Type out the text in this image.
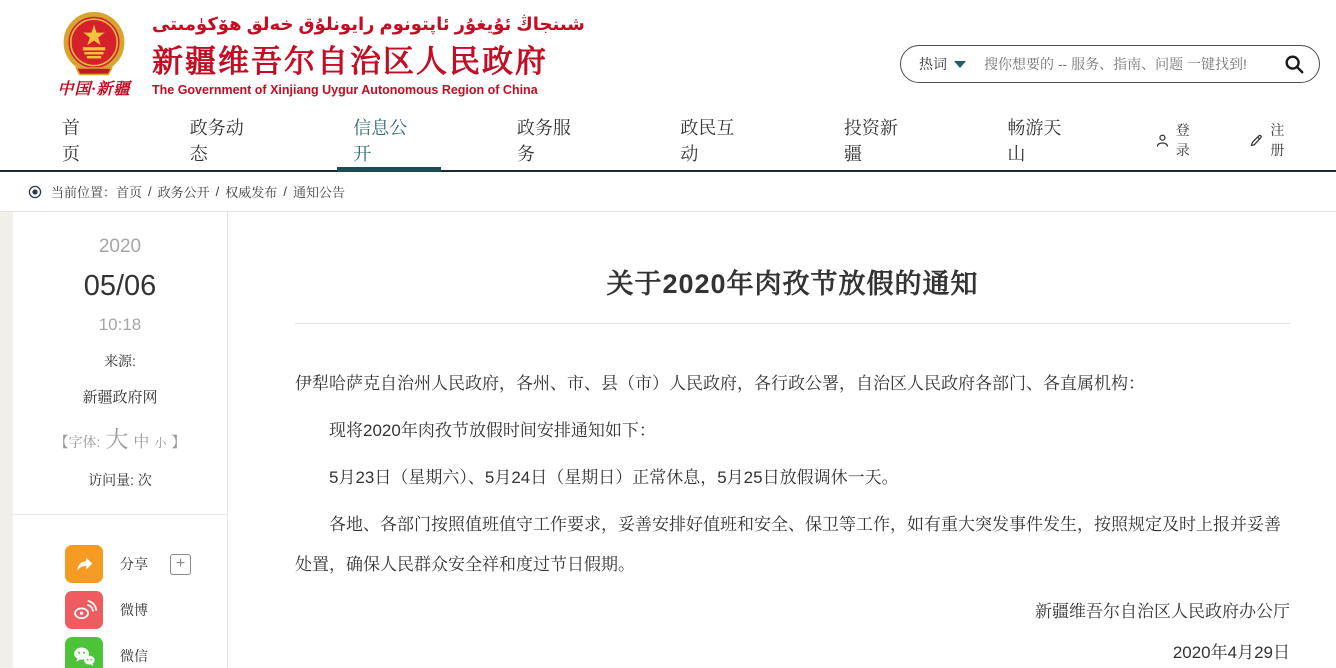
中国·新疆
شىنجاڭ ئۇيغۇر ئاپتونوم رايونلۇق خەلق ھۆكۈمىتى
新疆维吾尔自治区人民政府
The Government of Xinjiang Uygur Autonomous Region of China
热词
搜你想要的 -- 服务、指南、问题 一键找到!
首页
政务动态
信息公开
政务服务
政民互动
投资新疆
畅游天山
登录
注册
当前位置： 首页 / 政务公开 / 权威发布 / 通知公告
2020
05/06
10:18
来源:
新疆政府网
【字体: 大 中 小 】
访问量: 次
分享 +
微博
微信
关于2020年肉孜节放假的通知

伊犁哈萨克自治州人民政府，各州、市、县（市）人民政府，各行政公署，自治区人民政府各部门、各直属机构：

现将2020年肉孜节放假时间安排通知如下：

5月23日（星期六）、5月24日（星期日）正常休息，5月25日放假调休一天。

各地、各部门按照值班值守工作要求，妥善安排好值班和安全、保卫等工作，如有重大突发事件发生，按照规定及时上报并妥善处置，确保人民群众安全祥和度过节日假期。

新疆维吾尔自治区人民政府办公厅
2020年4月29日
